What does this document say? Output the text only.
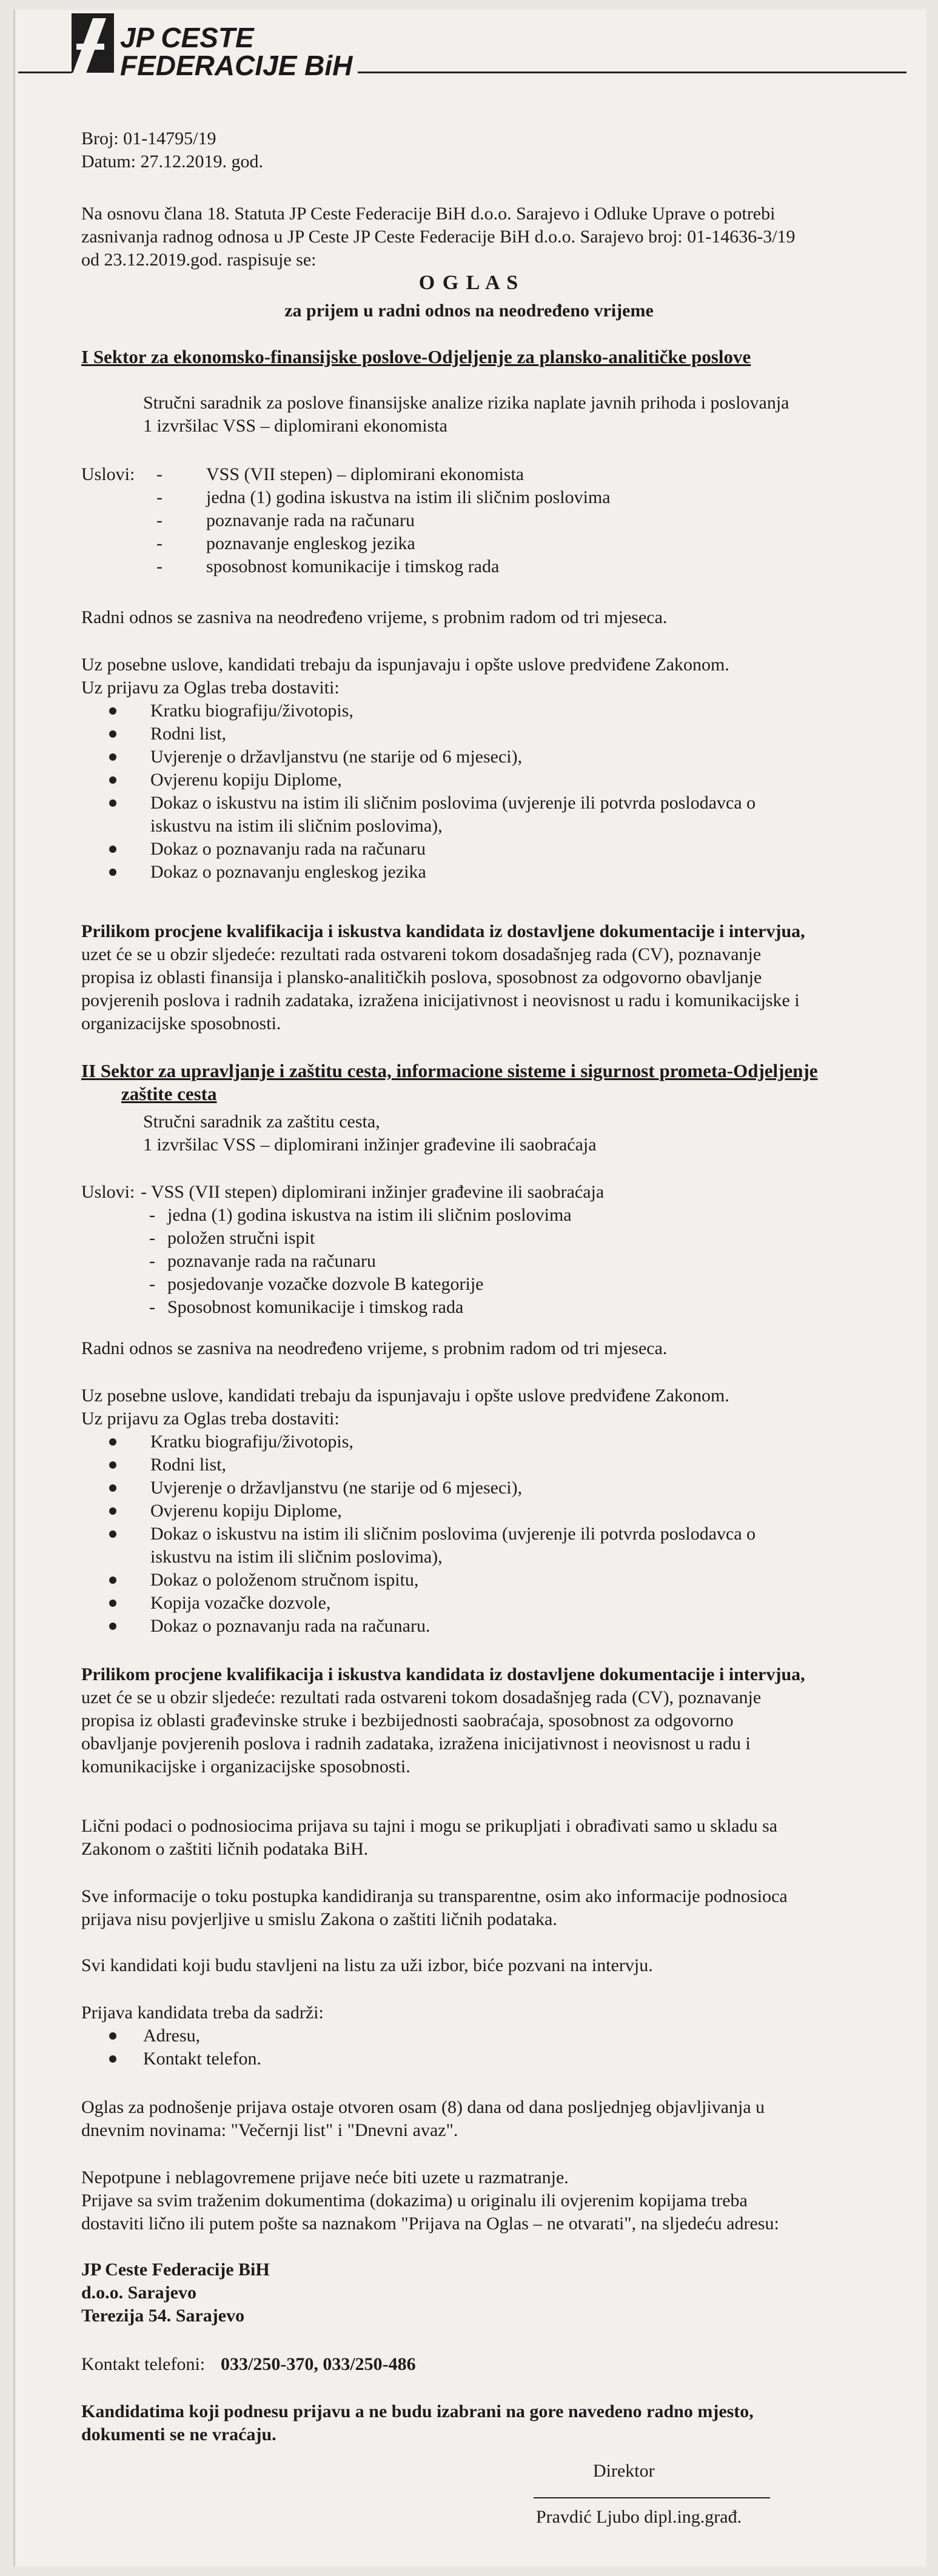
JP CESTE
FEDERACIJE BiH
Broj: 01-14795/19
Datum: 27.12.2019. god.
Na osnovu člana 18. Statuta JP Ceste Federacije BiH d.o.o. Sarajevo i Odluke Uprave o potrebi
zasnivanja radnog odnosa u JP Ceste JP Ceste Federacije BiH d.o.o. Sarajevo broj: 01-14636-3/19
od 23.12.2019.god. raspisuje se:
O G L A S
za prijem u radni odnos na neodređeno vrijeme
I Sektor za ekonomsko-finansijske poslove-Odjeljenje za plansko-analitičke poslove
Stručni saradnik za poslove finansijske analize rizika naplate javnih prihoda i poslovanja
1 izvršilac VSS – diplomirani ekonomista
Uslovi: - VSS (VII stepen) – diplomirani ekonomista
- jedna (1) godina iskustva na istim ili sličnim poslovima
- poznavanje rada na računaru
- poznavanje engleskog jezika
- sposobnost komunikacije i timskog rada
Radni odnos se zasniva na neodređeno vrijeme, s probnim radom od tri mjeseca.
Uz posebne uslove, kandidati trebaju da ispunjavaju i opšte uslove predviđene Zakonom.
Uz prijavu za Oglas treba dostaviti:
Kratku biografiju/životopis,
Rodni list,
Uvjerenje o državljanstvu (ne starije od 6 mjeseci),
Ovjerenu kopiju Diplome,
Dokaz o iskustvu na istim ili sličnim poslovima (uvjerenje ili potvrda poslodavca o
iskustvu na istim ili sličnim poslovima),
Dokaz o poznavanju rada na računaru
Dokaz o poznavanju engleskog jezika
Prilikom procjene kvalifikacija i iskustva kandidata iz dostavljene dokumentacije i intervjua,
uzet će se u obzir sljedeće: rezultati rada ostvareni tokom dosadašnjeg rada (CV), poznavanje
propisa iz oblasti finansija i plansko-analitičkih poslova, sposobnost za odgovorno obavljanje
povjerenih poslova i radnih zadataka, izražena inicijativnost i neovisnost u radu i komunikacijske i
organizacijske sposobnosti.
II Sektor za upravljanje i zaštitu cesta, informacione sisteme i sigurnost prometa-Odjeljenje
zaštite cesta
Stručni saradnik za zaštitu cesta,
1 izvršilac VSS – diplomirani inžinjer građevine ili saobraćaja
Uslovi: - VSS (VII stepen) diplomirani inžinjer građevine ili saobraćaja
- jedna (1) godina iskustva na istim ili sličnim poslovima
- položen stručni ispit
- poznavanje rada na računaru
- posjedovanje vozačke dozvole B kategorije
- Sposobnost komunikacije i timskog rada
Radni odnos se zasniva na neodređeno vrijeme, s probnim radom od tri mjeseca.
Uz posebne uslove, kandidati trebaju da ispunjavaju i opšte uslove predviđene Zakonom.
Uz prijavu za Oglas treba dostaviti:
Kratku biografiju/životopis,
Rodni list,
Uvjerenje o državljanstvu (ne starije od 6 mjeseci),
Ovjerenu kopiju Diplome,
Dokaz o iskustvu na istim ili sličnim poslovima (uvjerenje ili potvrda poslodavca o
iskustvu na istim ili sličnim poslovima),
Dokaz o položenom stručnom ispitu,
Kopija vozačke dozvole,
Dokaz o poznavanju rada na računaru.
Prilikom procjene kvalifikacija i iskustva kandidata iz dostavljene dokumentacije i intervjua,
uzet će se u obzir sljedeće: rezultati rada ostvareni tokom dosadašnjeg rada (CV), poznavanje
propisa iz oblasti građevinske struke i bezbijednosti saobraćaja, sposobnost za odgovorno
obavljanje povjerenih poslova i radnih zadataka, izražena inicijativnost i neovisnost u radu i
komunikacijske i organizacijske sposobnosti.
Lični podaci o podnosiocima prijava su tajni i mogu se prikupljati i obrađivati samo u skladu sa
Zakonom o zaštiti ličnih podataka BiH.
Sve informacije o toku postupka kandidiranja su transparentne, osim ako informacije podnosioca
prijava nisu povjerljive u smislu Zakona o zaštiti ličnih podataka.
Svi kandidati koji budu stavljeni na listu za uži izbor, biće pozvani na intervju.
Prijava kandidata treba da sadrži:
Adresu,
Kontakt telefon.
Oglas za podnošenje prijava ostaje otvoren osam (8) dana od dana posljednjeg objavljivanja u
dnevnim novinama: "Večernji list" i "Dnevni avaz".
Nepotpune i neblagovremene prijave neće biti uzete u razmatranje.
Prijave sa svim traženim dokumentima (dokazima) u originalu ili ovjerenim kopijama treba
dostaviti lično ili putem pošte sa naznakom "Prijava na Oglas – ne otvarati", na sljedeću adresu:
JP Ceste Federacije BiH
d.o.o. Sarajevo
Terezija 54. Sarajevo
Kontakt telefoni: 033/250-370, 033/250-486
Kandidatima koji podnesu prijavu a ne budu izabrani na gore navedeno radno mjesto,
dokumenti se ne vraćaju.
Direktor
Pravdić Ljubo dipl.ing.građ.
